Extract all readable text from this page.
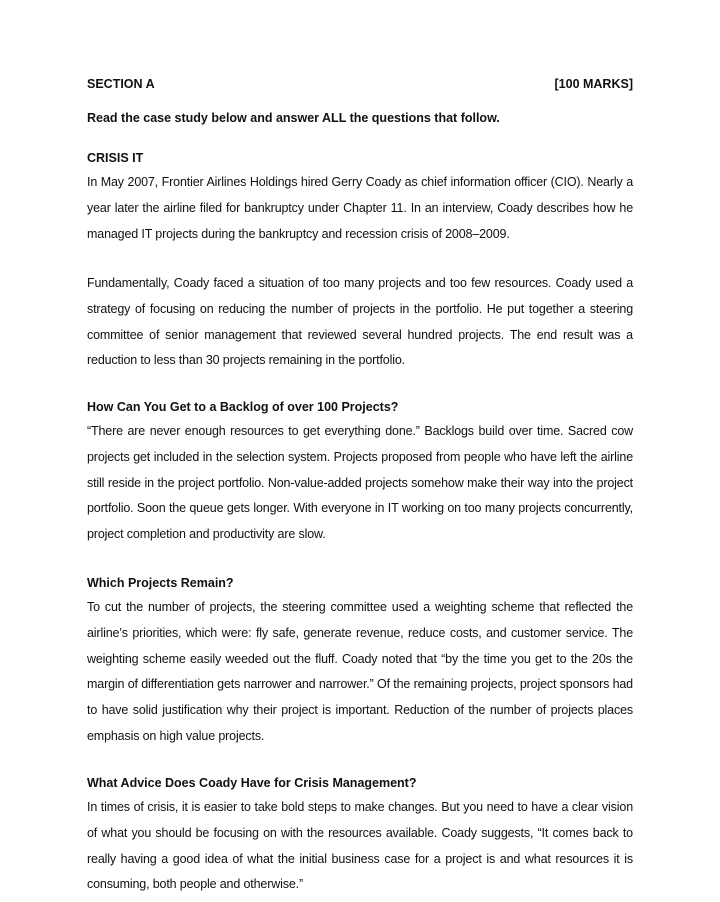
SECTION A	[100 MARKS]
Read the case study below and answer ALL the questions that follow.

CRISIS IT

In May 2007, Frontier Airlines Holdings hired Gerry Coady as chief information officer (CIO). Nearly a year later the airline filed for bankruptcy under Chapter 11. In an interview, Coady describes how he managed IT projects during the bankruptcy and recession crisis of 2008–2009.

Fundamentally, Coady faced a situation of too many projects and too few resources. Coady used a strategy of focusing on reducing the number of projects in the portfolio. He put together a steering committee of senior management that reviewed several hundred projects. The end result was a reduction to less than 30 projects remaining in the portfolio.

How Can You Get to a Backlog of over 100 Projects?

“There are never enough resources to get everything done.” Backlogs build over time. Sacred cow projects get included in the selection system. Projects proposed from people who have left the airline still reside in the project portfolio. Non-value-added projects somehow make their way into the project portfolio. Soon the queue gets longer. With everyone in IT working on too many projects concurrently, project completion and productivity are slow.

Which Projects Remain?

To cut the number of projects, the steering committee used a weighting scheme that reflected the airline’s priorities, which were: fly safe, generate revenue, reduce costs, and customer service. The weighting scheme easily weeded out the fluff. Coady noted that “by the time you get to the 20s the margin of differentiation gets narrower and narrower.” Of the remaining projects, project sponsors had to have solid justification why their project is important. Reduction of the number of projects places emphasis on high value projects.

What Advice Does Coady Have for Crisis Management?

In times of crisis, it is easier to take bold steps to make changes. But you need to have a clear vision of what you should be focusing on with the resources available. Coady suggests, “It comes back to really having a good idea of what the initial business case for a project is and what resources it is consuming, both people and otherwise.”
